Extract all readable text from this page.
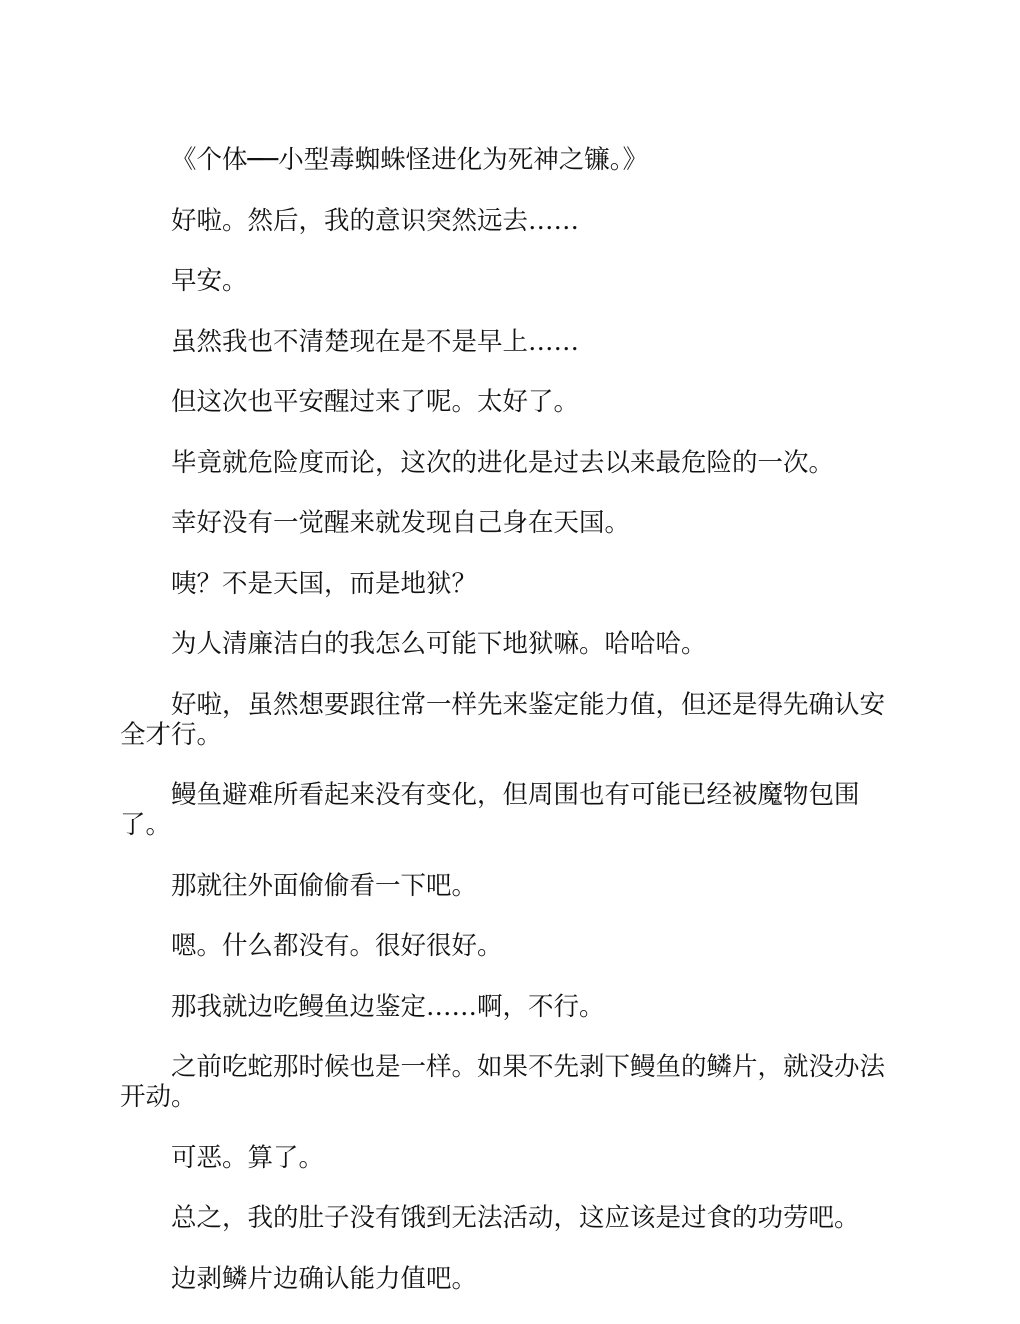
《个体──小型毒蜘蛛怪进化为死神之镰。》

好啦。然后，我的意识突然远去……

早安。

虽然我也不清楚现在是不是早上……

但这次也平安醒过来了呢。太好了。

毕竟就危险度而论，这次的进化是过去以来最危险的一次。

幸好没有一觉醒来就发现自己身在天国。

咦？不是天国，而是地狱？

为人清廉洁白的我怎么可能下地狱嘛。哈哈哈。

好啦，虽然想要跟往常一样先来鉴定能力值，但还是得先确认安全才行。

鳗鱼避难所看起来没有变化，但周围也有可能已经被魔物包围了。

那就往外面偷偷看一下吧。

嗯。什么都没有。很好很好。

那我就边吃鳗鱼边鉴定……啊，不行。

之前吃蛇那时候也是一样。如果不先剥下鳗鱼的鳞片，就没办法开动。

可恶。算了。

总之，我的肚子没有饿到无法活动，这应该是过食的功劳吧。

边剥鳞片边确认能力值吧。
